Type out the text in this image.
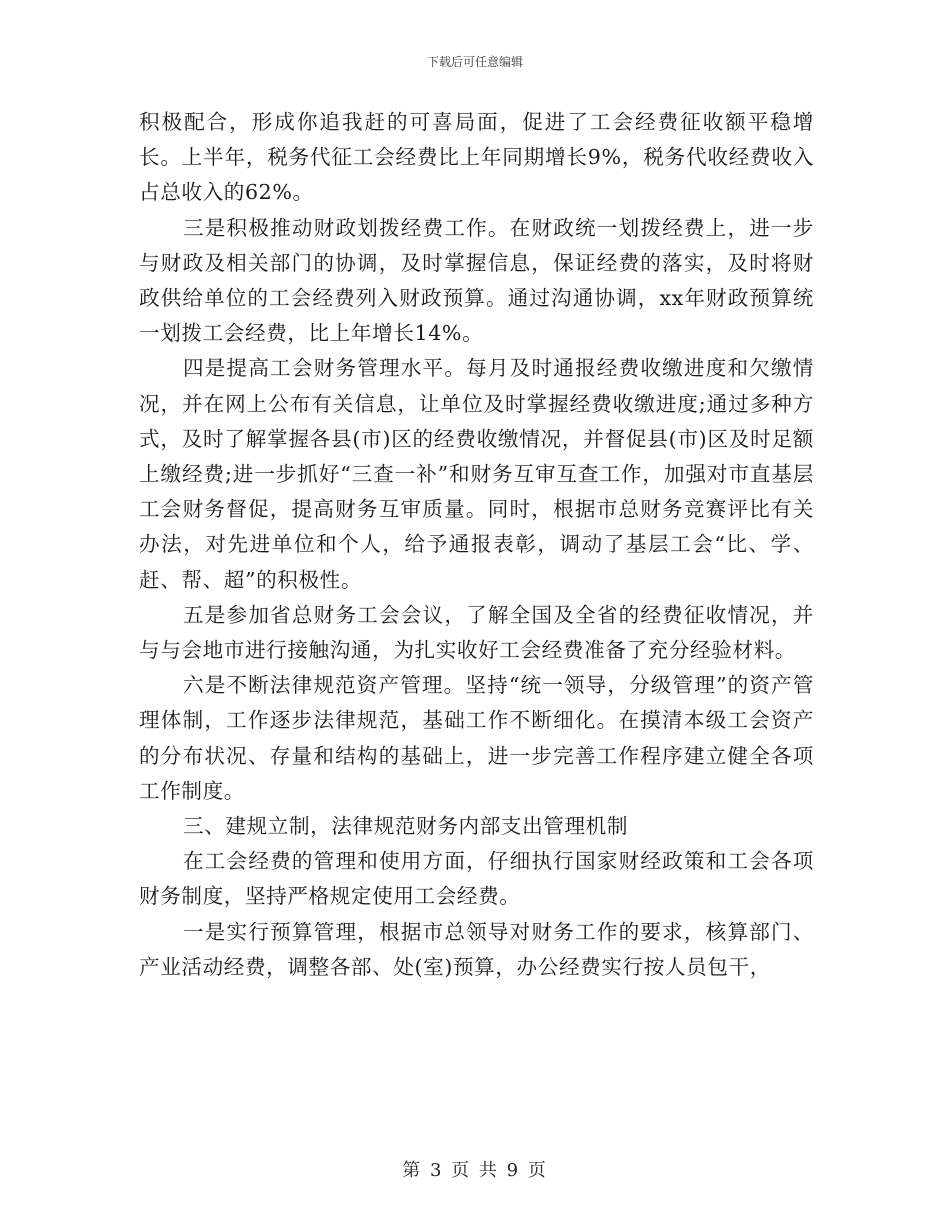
下载后可任意编辑

积极配合，形成你追我赶的可喜局面，促进了工会经费征收额平稳增长。上半年，税务代征工会经费比上年同期增长9%，税务代收经费收入占总收入的62%。

三是积极推动财政划拨经费工作。在财政统一划拨经费上，进一步与财政及相关部门的协调，及时掌握信息，保证经费的落实，及时将财政供给单位的工会经费列入财政预算。通过沟通协调，xx年财政预算统一划拨工会经费，比上年增长14%。

四是提高工会财务管理水平。每月及时通报经费收缴进度和欠缴情况，并在网上公布有关信息，让单位及时掌握经费收缴进度;通过多种方式，及时了解掌握各县(市)区的经费收缴情况，并督促县(市)区及时足额上缴经费;进一步抓好“三查一补”和财务互审互查工作，加强对市直基层工会财务督促，提高财务互审质量。同时，根据市总财务竞赛评比有关办法，对先进单位和个人，给予通报表彰，调动了基层工会“比、学、赶、帮、超”的积极性。

五是参加省总财务工会会议，了解全国及全省的经费征收情况，并与与会地市进行接触沟通，为扎实收好工会经费准备了充分经验材料。

六是不断法律规范资产管理。坚持“统一领导，分级管理”的资产管理体制，工作逐步法律规范，基础工作不断细化。在摸清本级工会资产的分布状况、存量和结构的基础上，进一步完善工作程序建立健全各项工作制度。

三、建规立制，法律规范财务内部支出管理机制

在工会经费的管理和使用方面，仔细执行国家财经政策和工会各项财务制度，坚持严格规定使用工会经费。

一是实行预算管理，根据市总领导对财务工作的要求，核算部门、产业活动经费，调整各部、处(室)预算，办公经费实行按人员包干，

第 3 页 共 9 页
